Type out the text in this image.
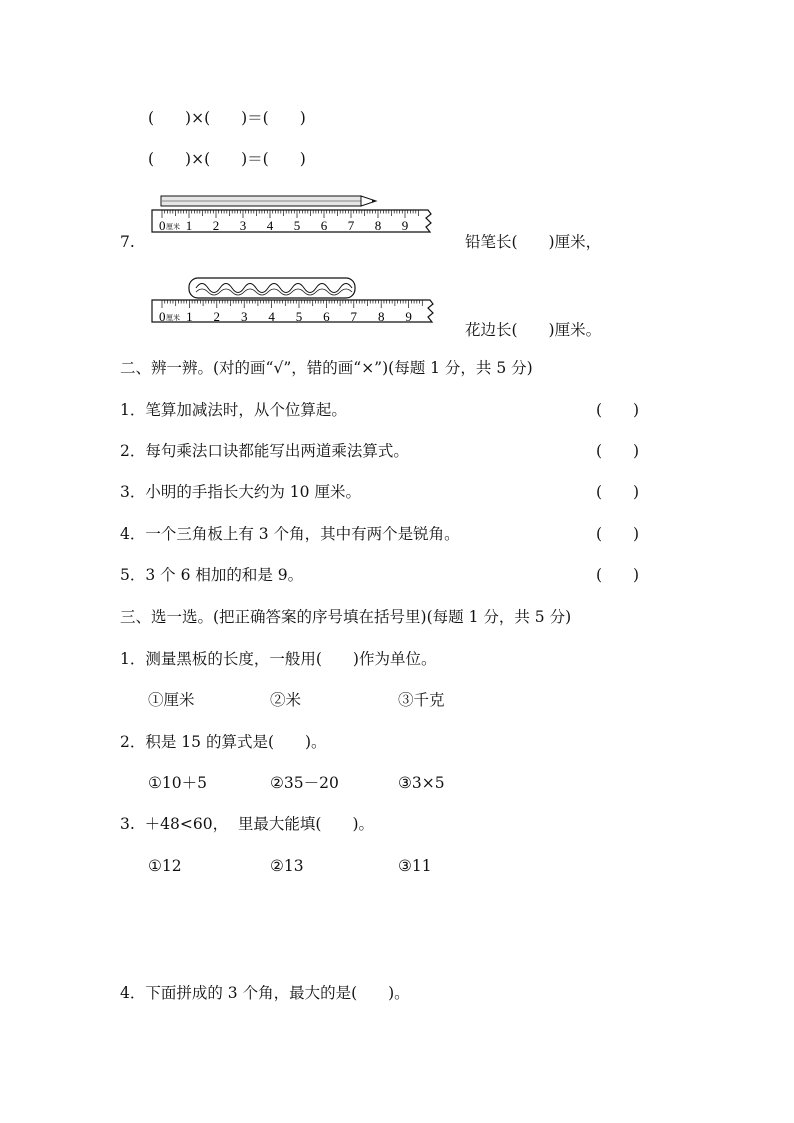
(　　)×(　　)＝(　　)
(　　)×(　　)＝(　　)
7.
0 厘米 1 2 3 4 5 6 7 8 9
铅笔长(　　)厘米，
0 厘米 1 2 3 4 5 6 7 8 9
花边长(　　)厘米。
二、辨一辨。(对的画“√”，错的画“×”)(每题 1 分，共 5 分)
1．笔算加减法时，从个位算起。	(　　)
2．每句乘法口诀都能写出两道乘法算式。	(　　)
3．小明的手指长大约为 10 厘米。	(　　)
4．一个三角板上有 3 个角，其中有两个是锐角。	(　　)
5．3 个 6 相加的和是 9。	(　　)
三、选一选。(把正确答案的序号填在括号里)(每题 1 分，共 5 分)
1．测量黑板的长度，一般用(　　)作为单位。
①厘米	②米	③千克
2．积是 15 的算式是(　　)。
①10＋5	②35－20	③3×5
3.  ＋48<60，  里最大能填(　　)。
①12	②13	③11
4．下面拼成的 3 个角，最大的是(　　)。
